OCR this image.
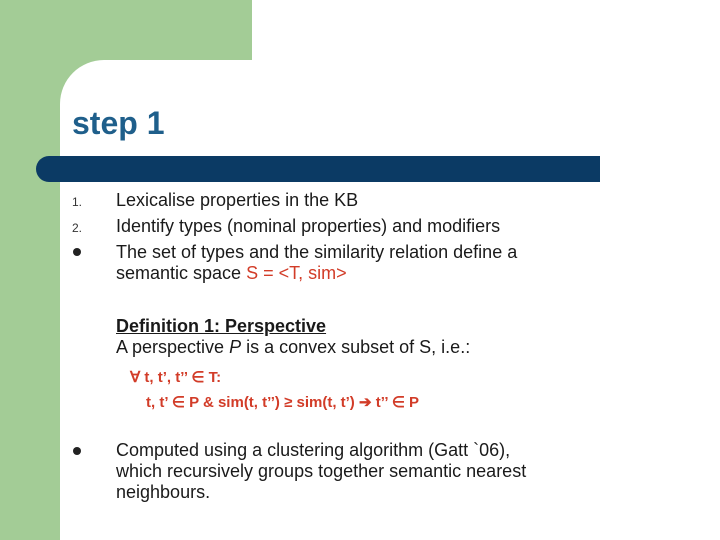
step 1
1. Lexicalise properties in the KB
2. Identify types (nominal properties) and modifiers
The set of types and the similarity relation define a
semantic space S = <T, sim>
Definition 1: Perspective
A perspective P is a convex subset of S, i.e.:
∀ t, t’, t’’ ∈ T:
t, t’ ∈ P & sim(t, t’’) ≥ sim(t, t’) ➔ t’’ ∈ P
Computed using a clustering algorithm (Gatt `06),
which recursively groups together semantic nearest
neighbours.
